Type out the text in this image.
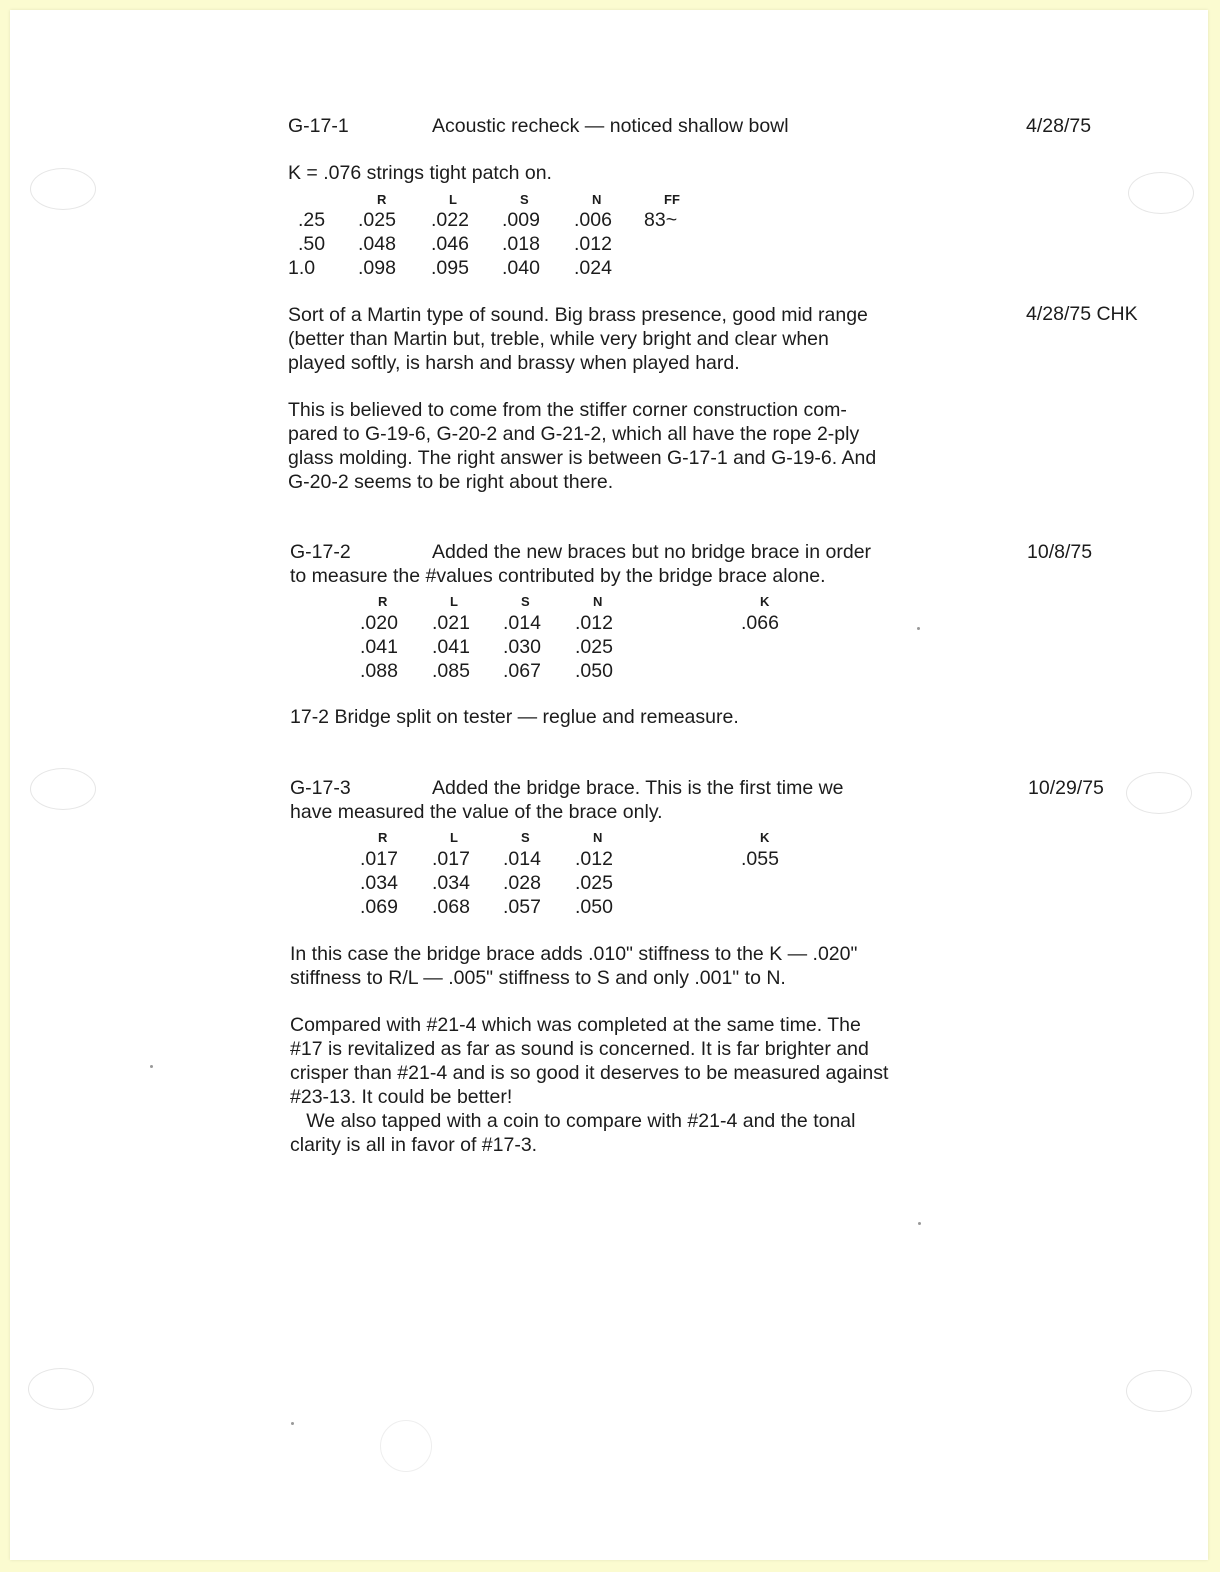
G-17-1	Acoustic recheck — noticed shallow bowl	4/28/75
K = .076 strings tight patch on.
R	L	S	N	FF
.25 .025 .022 .009 .006 83~
.50 .048 .046 .018 .012
1.0 .098 .095 .040 .024
Sort of a Martin type of sound. Big brass presence, good mid range
(better than Martin but, treble, while very bright and clear when
played softly, is harsh and brassy when played hard.
4/28/75 CHK
This is believed to come from the stiffer corner construction com-
pared to G-19-6, G-20-2 and G-21-2, which all have the rope 2-ply
glass molding. The right answer is between G-17-1 and G-19-6. And
G-20-2 seems to be right about there.
G-17-2	Added the new braces but no bridge brace in order	10/8/75
to measure the #values contributed by the bridge brace alone.
R	L	S	N	K
.020 .021 .014 .012	.066
.041 .041 .030 .025
.088 .085 .067 .050
17-2 Bridge split on tester — reglue and remeasure.
G-17-3	Added the bridge brace. This is the first time we	10/29/75
have measured the value of the brace only.
R	L	S	N	K
.017 .017 .014 .012	.055
.034 .034 .028 .025
.069 .068 .057 .050
In this case the bridge brace adds .010" stiffness to the K — .020"
stiffness to R/L — .005" stiffness to S and only .001" to N.
Compared with #21-4 which was completed at the same time. The
#17 is revitalized as far as sound is concerned. It is far brighter and
crisper than #21-4 and is so good it deserves to be measured against
#23-13. It could be better!
We also tapped with a coin to compare with #21-4 and the tonal
clarity is all in favor of #17-3.
